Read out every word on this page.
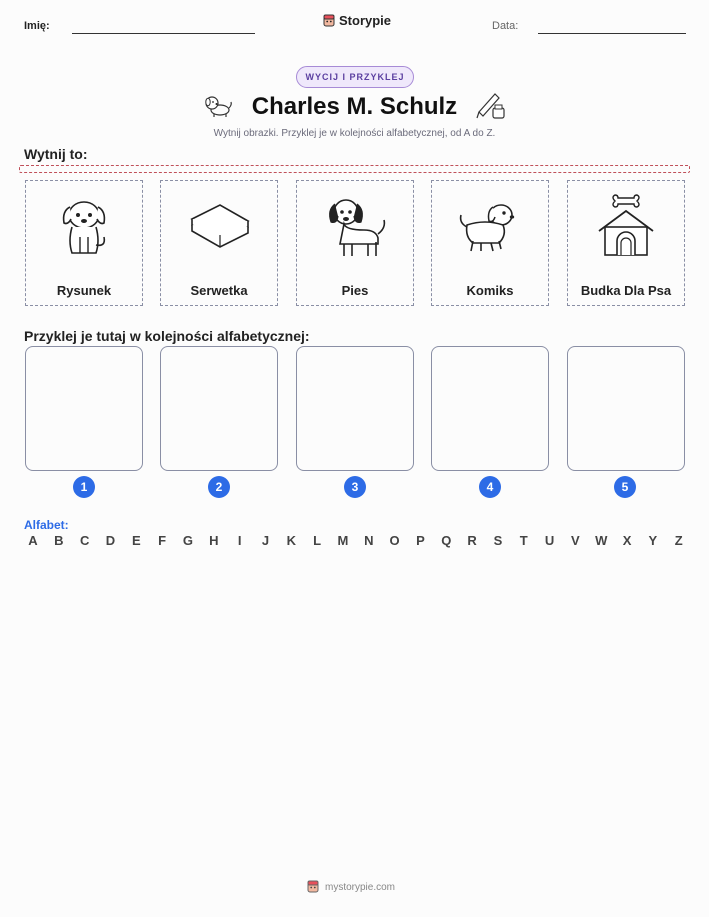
Imię:	Storypie	Data:
WYCIJ I PRZYKLEJ
Charles M. Schulz
Wytnij obrazki. Przyklej je w kolejności alfabetycznej, od A do Z.
Wytnij to:
Rysunek	Serwetka	Pies	Komiks	Budka Dla Psa
Przyklej je tutaj w kolejności alfabetycznej:
1	2	3	4	5
Alfabet:
A B C D E F G H	I	J K L M N O P Q R S T U V W X Y Z
mystorypie.com
